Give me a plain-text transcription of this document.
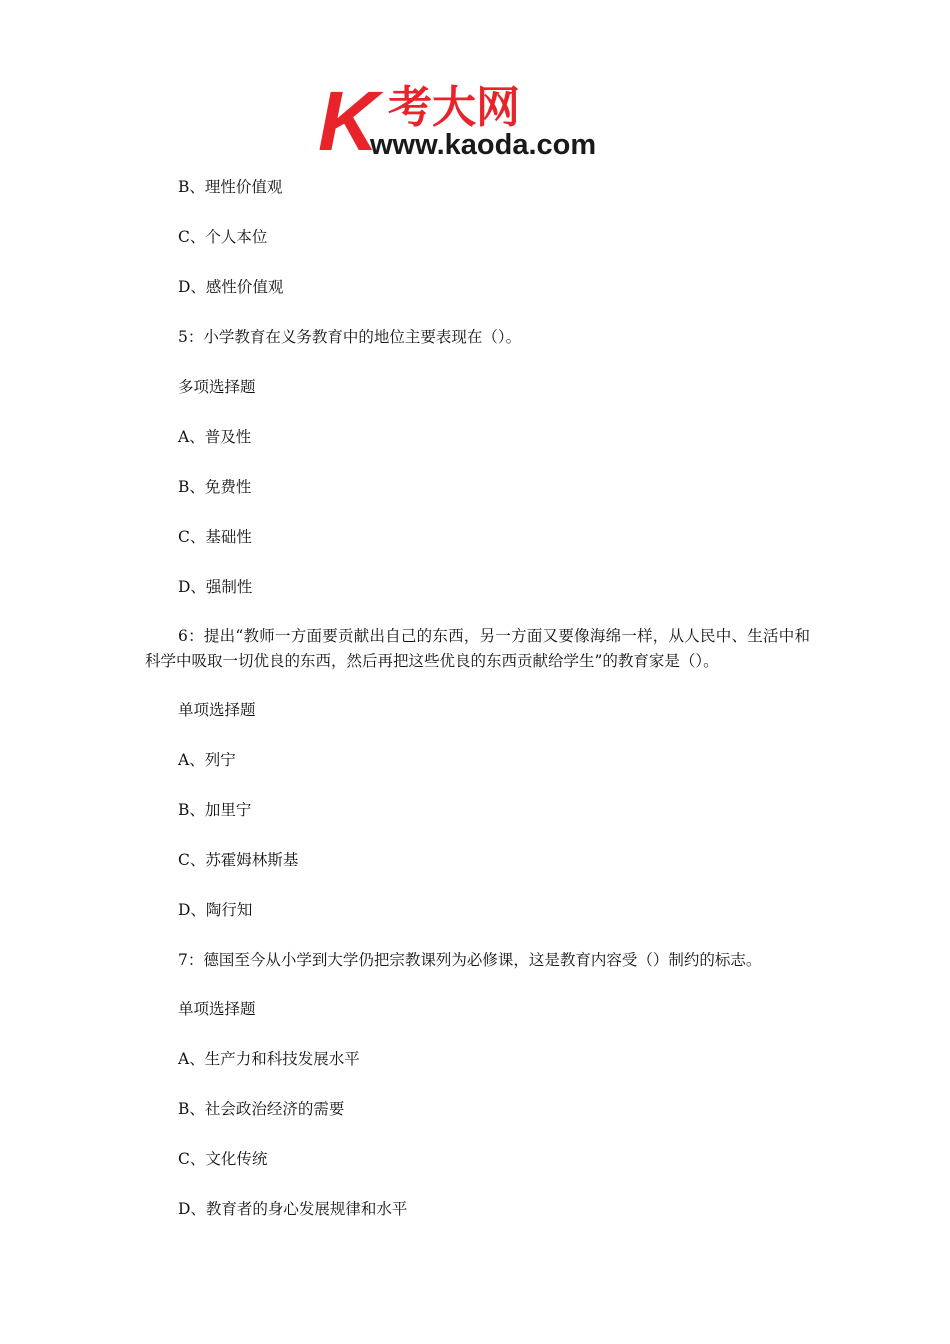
K 考大网
www.kaoda.com
B、理性价值观
C、个人本位
D、感性价值观
5：小学教育在义务教育中的地位主要表现在（）。
多项选择题
A、普及性
B、免费性
C、基础性
D、强制性
6：提出“教师一方面要贡献出自己的东西，另一方面又要像海绵一样，从人民中、生活中和科学中吸取一切优良的东西，然后再把这些优良的东西贡献给学生”的教育家是（）。
单项选择题
A、列宁
B、加里宁
C、苏霍姆林斯基
D、陶行知
7：德国至今从小学到大学仍把宗教课列为必修课，这是教育内容受（）制约的标志。
单项选择题
A、生产力和科技发展水平
B、社会政治经济的需要
C、文化传统
D、教育者的身心发展规律和水平
